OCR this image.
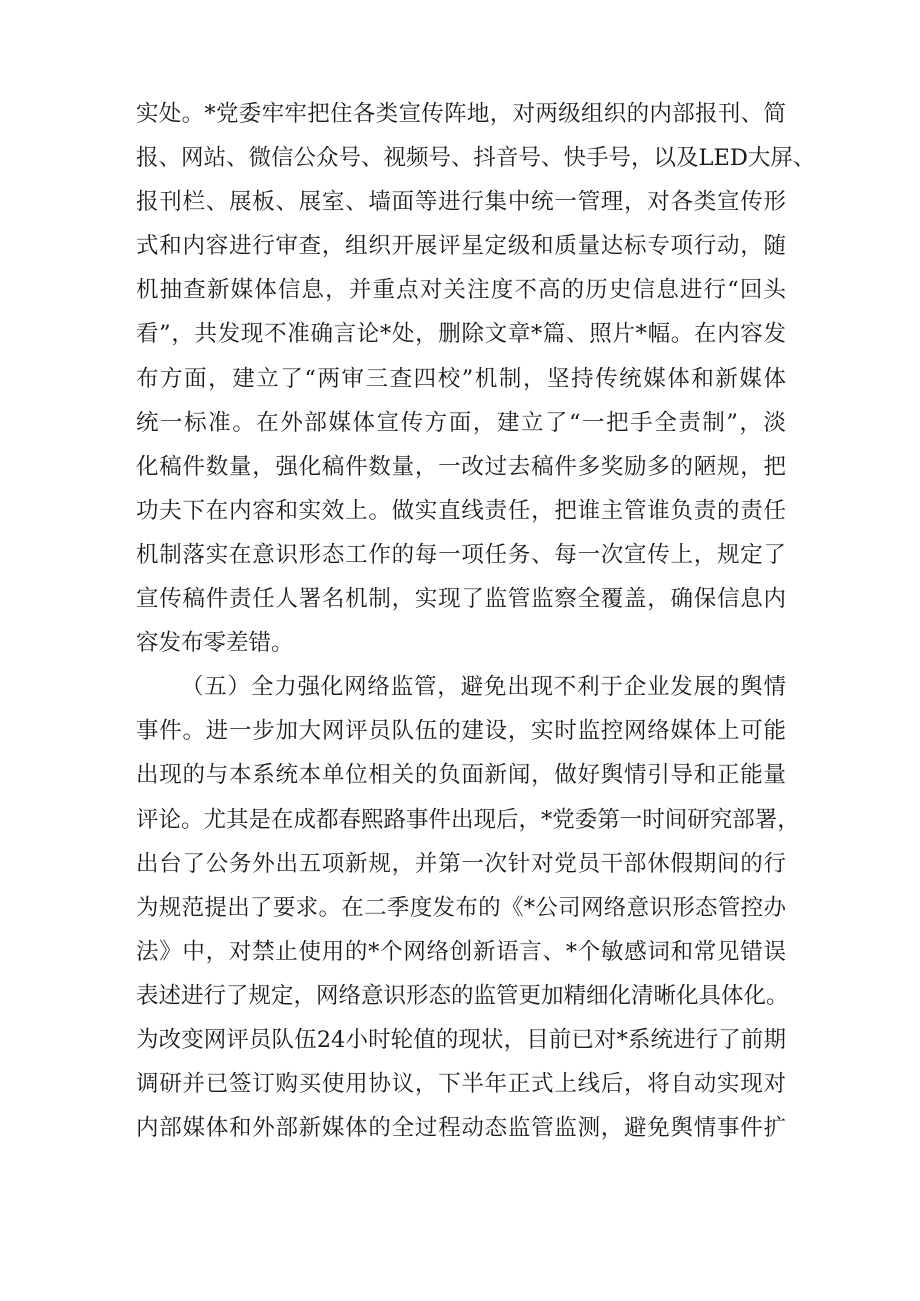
实处。*党委牢牢把住各类宣传阵地，对两级组织的内部报刊、简
报、网站、微信公众号、视频号、抖音号、快手号，以及LED大屏、
报刊栏、展板、展室、墙面等进行集中统一管理，对各类宣传形
式和内容进行审查，组织开展评星定级和质量达标专项行动，随
机抽查新媒体信息，并重点对关注度不高的历史信息进行“回头
看”，共发现不准确言论*处，删除文章*篇、照片*幅。在内容发
布方面，建立了“两审三查四校”机制，坚持传统媒体和新媒体
统一标准。在外部媒体宣传方面，建立了“一把手全责制”，淡
化稿件数量，强化稿件数量，一改过去稿件多奖励多的陋规，把
功夫下在内容和实效上。做实直线责任，把谁主管谁负责的责任
机制落实在意识形态工作的每一项任务、每一次宣传上，规定了
宣传稿件责任人署名机制，实现了监管监察全覆盖，确保信息内
容发布零差错。
（五）全力强化网络监管，避免出现不利于企业发展的舆情
事件。进一步加大网评员队伍的建设，实时监控网络媒体上可能
出现的与本系统本单位相关的负面新闻，做好舆情引导和正能量
评论。尤其是在成都春熙路事件出现后，*党委第一时间研究部署，
出台了公务外出五项新规，并第一次针对党员干部休假期间的行
为规范提出了要求。在二季度发布的《*公司网络意识形态管控办
法》中，对禁止使用的*个网络创新语言、*个敏感词和常见错误
表述进行了规定，网络意识形态的监管更加精细化清晰化具体化。
为改变网评员队伍24小时轮值的现状，目前已对*系统进行了前期
调研并已签订购买使用协议，下半年正式上线后，将自动实现对
内部媒体和外部新媒体的全过程动态监管监测，避免舆情事件扩
